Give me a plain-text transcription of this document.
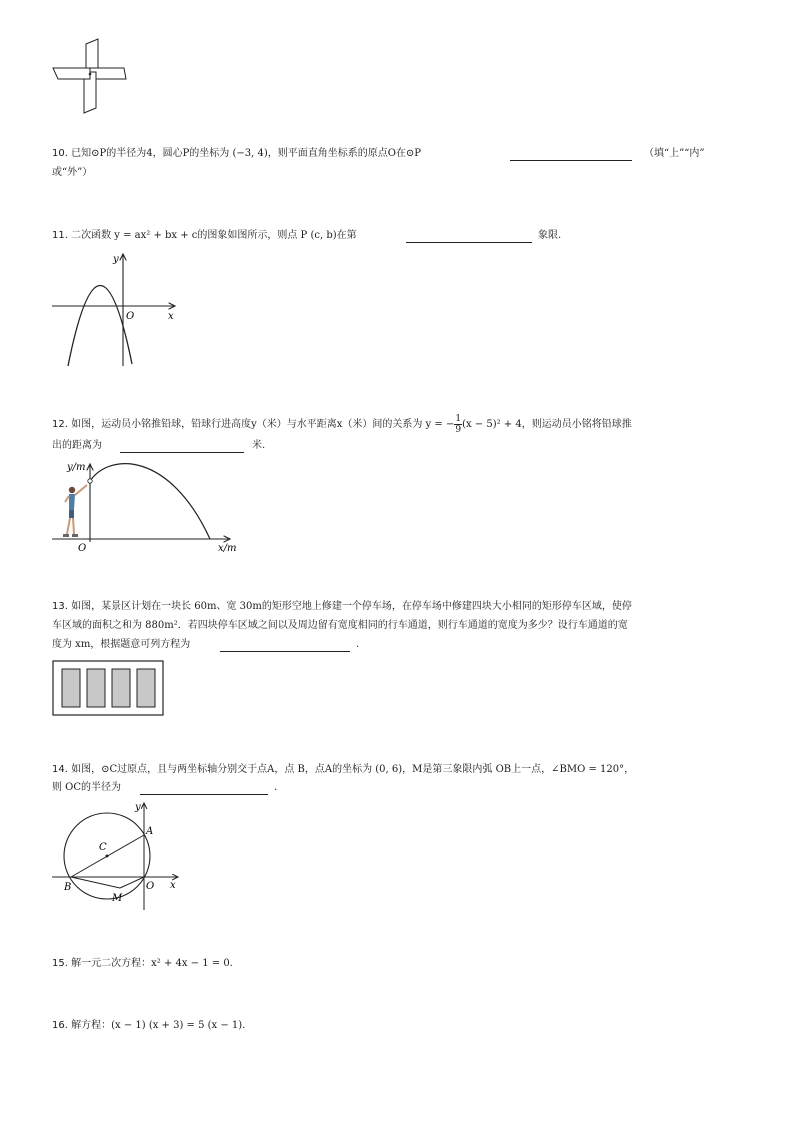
10. 已知⊙P的半径为4，圆心P的坐标为 (−3, 4)，则平面直角坐标系的原点O在⊙P	（填“上”“内”
或“外”）
11. 二次函数 y = ax² + bx + c的图象如图所示，则点 P (c, b)在第	象限.
y
x
O
12. 如图，运动员小铭推铅球，铅球行进高度y（米）与水平距离x（米）间的关系为 y = − $\frac{1}{9} (x - 5)^2 + 4$，则运动员小铭将铅球推
出的距离为	米.
y/m
x/m
O
13. 如图，某景区计划在一块长 60m、宽 30m的矩形空地上修建一个停车场，在停车场中修建四块大小相同的矩形停车区域，使停
车区域的面积之和为 880m²．若四块停车区域之间以及周边留有宽度相同的行车通道，则行车通道的宽度为多少？设行车通道的宽
度为 xm，根据题意可列方程为	.
14. 如图，⊙C过原点，且与两坐标轴分别交于点A，点 B，点A的坐标为 (0, 6)，M是第三象限内弧 OB上一点，∠BMO = 120°，
则 OC的半径为	.
A
B
C
O
M
x
y
15. 解一元二次方程：x² + 4x − 1 = 0.
16. 解方程：(x − 1) (x + 3) = 5 (x − 1).
